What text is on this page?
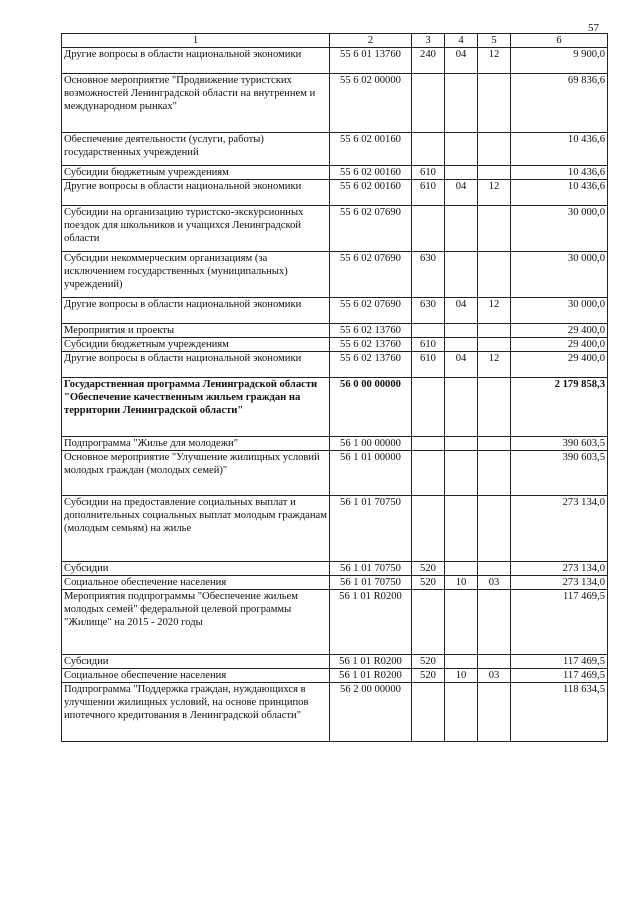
57
1	2	3	4	5	6
Другие вопросы в области национальной экономики	55 6 01 13760	240	04	12	9 900,0
Основное мероприятие "Продвижение туристских возможностей Ленинградской области на внутреннем и международном рынках"	55 6 02 00000				69 836,6
Обеспечение деятельности (услуги, работы) государственных учреждений	55 6 02 00160				10 436,6
Субсидии бюджетным учреждениям	55 6 02 00160	610			10 436,6
Другие вопросы в области национальной экономики	55 6 02 00160	610	04	12	10 436,6
Субсидии на организацию туристско-экскурсионных поездок для школьников и учащихся Ленинградской области	55 6 02 07690				30 000,0
Субсидии некоммерческим организациям (за исключением государственных (муниципальных) учреждений)	55 6 02 07690	630			30 000,0
Другие вопросы в области национальной экономики	55 6 02 07690	630	04	12	30 000,0
Мероприятия и проекты	55 6 02 13760				29 400,0
Субсидии бюджетным учреждениям	55 6 02 13760	610			29 400,0
Другие вопросы в области национальной экономики	55 6 02 13760	610	04	12	29 400,0
Государственная программа Ленинградской области "Обеспечение качественным жильем граждан на территории Ленинградской области"	56 0 00 00000				2 179 858,3
Подпрограмма "Жилье для молодежи"	56 1 00 00000				390 603,5
Основное мероприятие "Улучшение жилищных условий молодых граждан (молодых семей)"	56 1 01 00000				390 603,5
Субсидии на предоставление социальных выплат и дополнительных социальных выплат молодым гражданам (молодым семьям) на жилье	56 1 01 70750				273 134,0
Субсидии	56 1 01 70750	520			273 134,0
Социальное обеспечение населения	56 1 01 70750	520	10	03	273 134,0
Мероприятия подпрограммы "Обеспечение жильем молодых семей" федеральной целевой программы "Жилище" на 2015 - 2020 годы	56 1 01 R0200				117 469,5
Субсидии	56 1 01 R0200	520			117 469,5
Социальное обеспечение населения	56 1 01 R0200	520	10	03	117 469,5
Подпрограмма "Поддержка граждан, нуждающихся в улучшении жилищных условий, на основе принципов ипотечного кредитования в Ленинградской области"	56 2 00 00000				118 634,5
